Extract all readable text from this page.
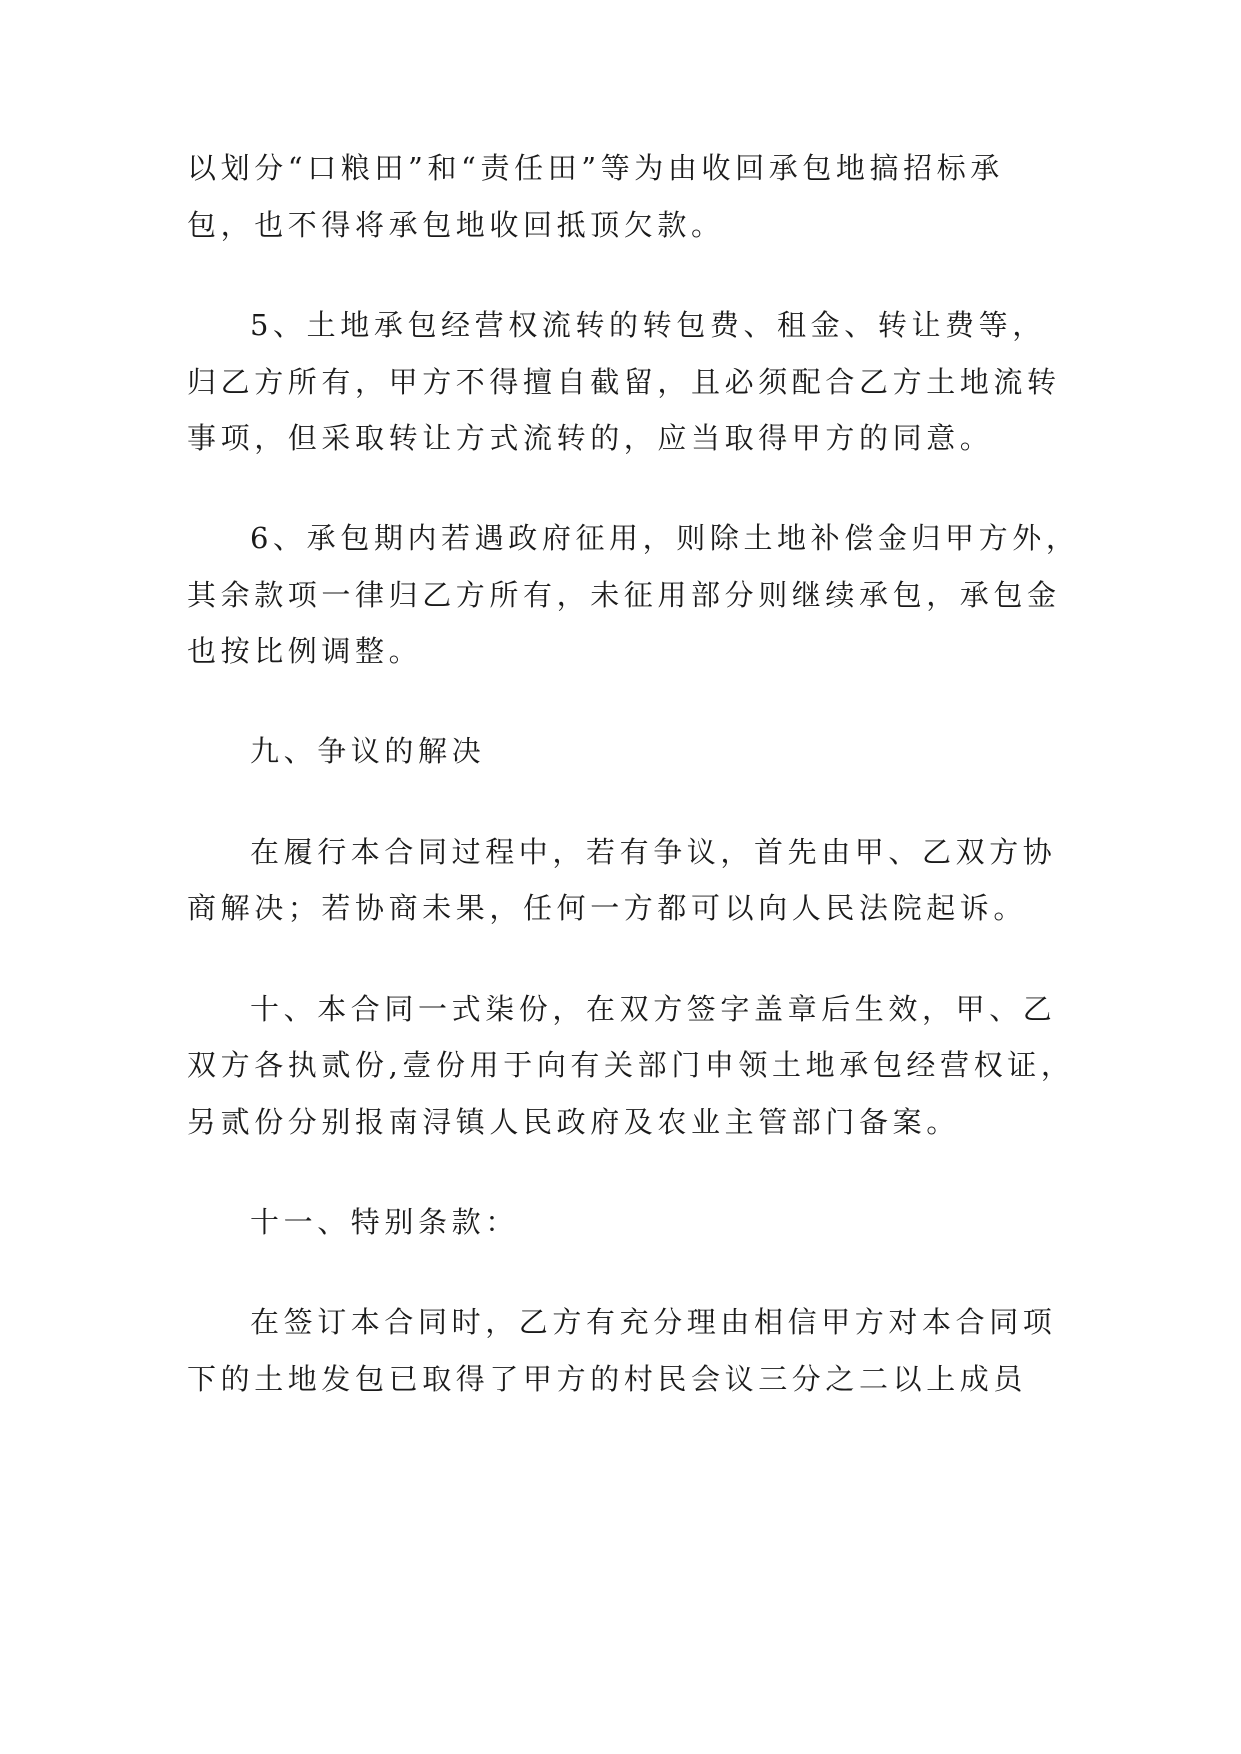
以划分“口粮田”和“责任田”等为由收回承包地搞招标承
包，也不得将承包地收回抵顶欠款。
5、土地承包经营权流转的转包费、租金、转让费等，
归乙方所有，甲方不得擅自截留，且必须配合乙方土地流转
事项，但采取转让方式流转的，应当取得甲方的同意。
6、承包期内若遇政府征用，则除土地补偿金归甲方外，
其余款项一律归乙方所有，未征用部分则继续承包，承包金
也按比例调整。
九、争议的解决
在履行本合同过程中，若有争议，首先由甲、乙双方协
商解决；若协商未果，任何一方都可以向人民法院起诉。
十、本合同一式柒份，在双方签字盖章后生效，甲、乙
双方各执贰份,壹份用于向有关部门申领土地承包经营权证，
另贰份分别报南浔镇人民政府及农业主管部门备案。
十一、特别条款：
在签订本合同时，乙方有充分理由相信甲方对本合同项
下的土地发包已取得了甲方的村民会议三分之二以上成员
